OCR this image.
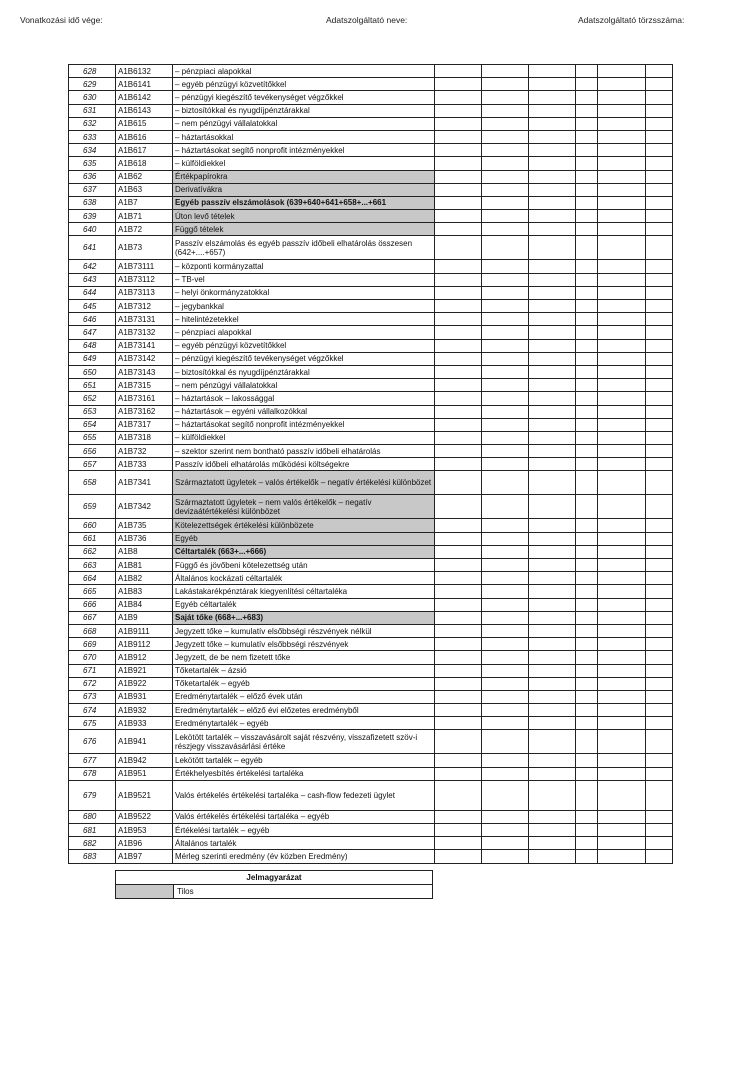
Vonatkozási idő vége:	Adatszolgáltató neve:	Adatszolgáltató törzsszáma:
628	A1B6132	– pénzpiaci alapokkal						
629	A1B6141	– egyéb pénzügyi közvetítőkkel						
630	A1B6142	– pénzügyi kiegészítő tevékenységet végzőkkel						
631	A1B6143	– biztosítókkal és nyugdíjpénztárakkal						
632	A1B615	– nem pénzügyi vállalatokkal						
633	A1B616	– háztartásokkal						
634	A1B617	– háztartásokat segítő nonprofit intézményekkel						
635	A1B618	– külföldiekkel						
636	A1B62	Értékpapírokra						
637	A1B63	Derivatívákra						
638	A1B7	Egyéb passzív elszámolások (639+640+641+658+...+661						
639	A1B71	Úton levő tételek						
640	A1B72	Függő tételek						
641	A1B73	Passzív elszámolás és egyéb passzív időbeli elhatárolás összesen (642+....+657)						
642	A1B73111	– központi kormányzattal						
643	A1B73112	– TB-vel						
644	A1B73113	– helyi önkormányzatokkal						
645	A1B7312	– jegybankkal						
646	A1B73131	– hitelintézetekkel						
647	A1B73132	– pénzpiaci alapokkal						
648	A1B73141	– egyéb pénzügyi közvetítőkkel						
649	A1B73142	– pénzügyi kiegészítő tevékenységet végzőkkel						
650	A1B73143	– biztosítókkal és nyugdíjpénztárakkal						
651	A1B7315	– nem pénzügyi vállalatokkal						
652	A1B73161	– háztartások – lakossággal						
653	A1B73162	– háztartások – egyéni vállalkozókkal						
654	A1B7317	– háztartásokat segítő nonprofit intézményekkel						
655	A1B7318	– külföldiekkel						
656	A1B732	– szektor szerint nem bontható passzív időbeli elhatárolás						
657	A1B733	Passzív időbeli elhatárolás működési költségekre						
658	A1B7341	Származtatott ügyletek – valós értékelők – negatív értékelési különbözet						
659	A1B7342	Származtatott ügyletek – nem valós értékelők – negatív devizaátértékelési különbözet						
660	A1B735	Kötelezettségek értékelési különbözete						
661	A1B736	Egyéb						
662	A1B8	Céltartalék (663+...+666)						
663	A1B81	Függő és jövőbeni kötelezettség után						
664	A1B82	Általános kockázati céltartalék						
665	A1B83	Lakástakarékpénztárak kiegyenlítési céltartaléka						
666	A1B84	Egyéb céltartalék						
667	A1B9	Saját tőke (668+...+683)						
668	A1B9111	Jegyzett tőke – kumulatív elsőbbségi részvények nélkül						
669	A1B9112	Jegyzett tőke – kumulatív elsőbbségi részvények						
670	A1B912	Jegyzett, de be nem fizetett tőke						
671	A1B921	Tőketartalék – ázsió						
672	A1B922	Tőketartalék – egyéb						
673	A1B931	Eredménytartalék – előző évek után						
674	A1B932	Eredménytartalék – előző évi előzetes eredményből						
675	A1B933	Eredménytartalék – egyéb						
676	A1B941	Lekötött tartalék – visszavásárolt saját részvény, visszafizetett szöv-i részjegy visszavásárlási értéke						
677	A1B942	Lekötött tartalék – egyéb						
678	A1B951	Értékhelyesbítés értékelési tartaléka						
679	A1B9521	Valós értékelés értékelési tartaléka – cash-flow fedezeti ügylet						
680	A1B9522	Valós értékelés értékelési tartaléka – egyéb						
681	A1B953	Értékelési tartalék – egyéb						
682	A1B96	Általános tartalék						
683	A1B97	Mérleg szerinti eredmény (év közben Eredmény)						
Jelmagyarázat
	Tilos
